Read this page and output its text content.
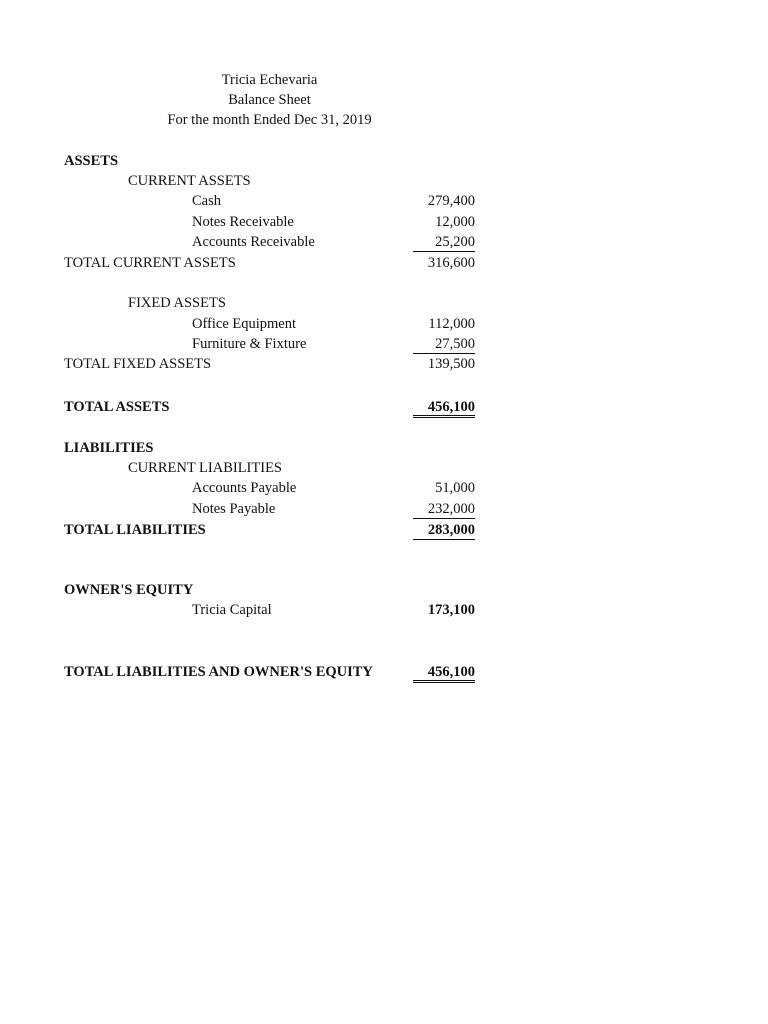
Tricia Echevaria
Balance Sheet
For the month Ended Dec 31, 2019
ASSETS
CURRENT ASSETS
Cash	279,400
Notes Receivable	12,000
Accounts Receivable	25,200
TOTAL CURRENT ASSETS	316,600
FIXED ASSETS
Office Equipment	112,000
Furniture & Fixture	27,500
TOTAL FIXED ASSETS	139,500
TOTAL ASSETS	456,100
LIABILITIES
CURRENT LIABILITIES
Accounts Payable	51,000
Notes Payable	232,000
TOTAL LIABILITIES	283,000
OWNER'S EQUITY
Tricia Capital	173,100
TOTAL LIABILITIES AND OWNER'S EQUITY	456,100
